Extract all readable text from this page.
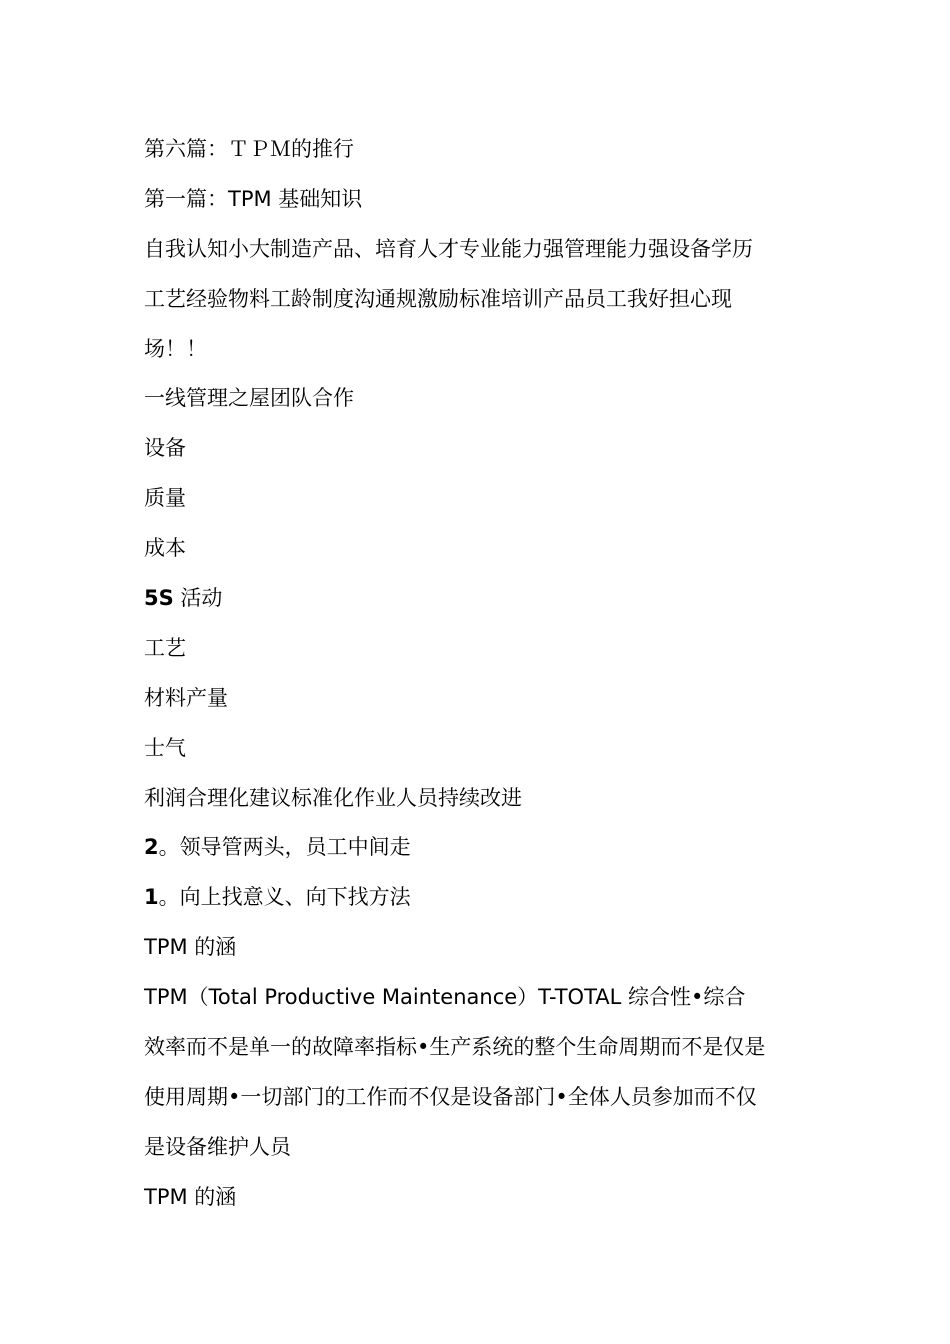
第六篇：ＴＰＭ的推行
第一篇：TPM 基础知识
自我认知小大制造产品、培育人才专业能力强管理能力强设备学历
工艺经验物料工龄制度沟通规激励标准培训产品员工我好担心现
场！！
一线管理之屋团队合作
设备
质量
成本
5S 活动
工艺
材料产量
士气
利润合理化建议标准化作业人员持续改进
2。领导管两头，员工中间走
1。向上找意义、向下找方法
TPM 的涵
TPM（Total Productive Maintenance）T-TOTAL 综合性•综合
效率而不是单一的故障率指标•生产系统的整个生命周期而不是仅是
使用周期•一切部门的工作而不仅是设备部门•全体人员参加而不仅
是设备维护人员
TPM 的涵
